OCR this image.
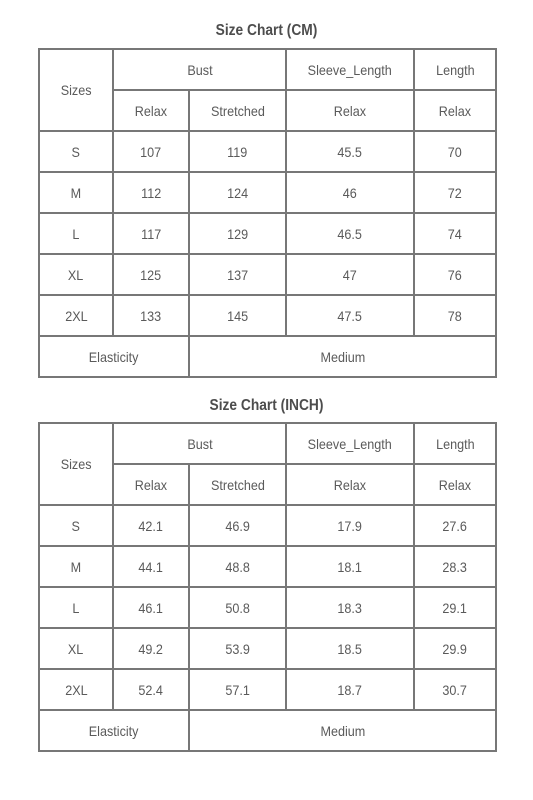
Size Chart (CM)
Sizes	Bust		Sleeve_Length	Length
	Relax	Stretched	Relax	Relax
S	107	119	45.5	70
M	112	124	46	72
L	117	129	46.5	74
XL	125	137	47	76
2XL	133	145	47.5	78
Elasticity		Medium		
Size Chart (INCH)
Sizes	Bust		Sleeve_Length	Length
	Relax	Stretched	Relax	Relax
S	42.1	46.9	17.9	27.6
M	44.1	48.8	18.1	28.3
L	46.1	50.8	18.3	29.1
XL	49.2	53.9	18.5	29.9
2XL	52.4	57.1	18.7	30.7
Elasticity		Medium		
